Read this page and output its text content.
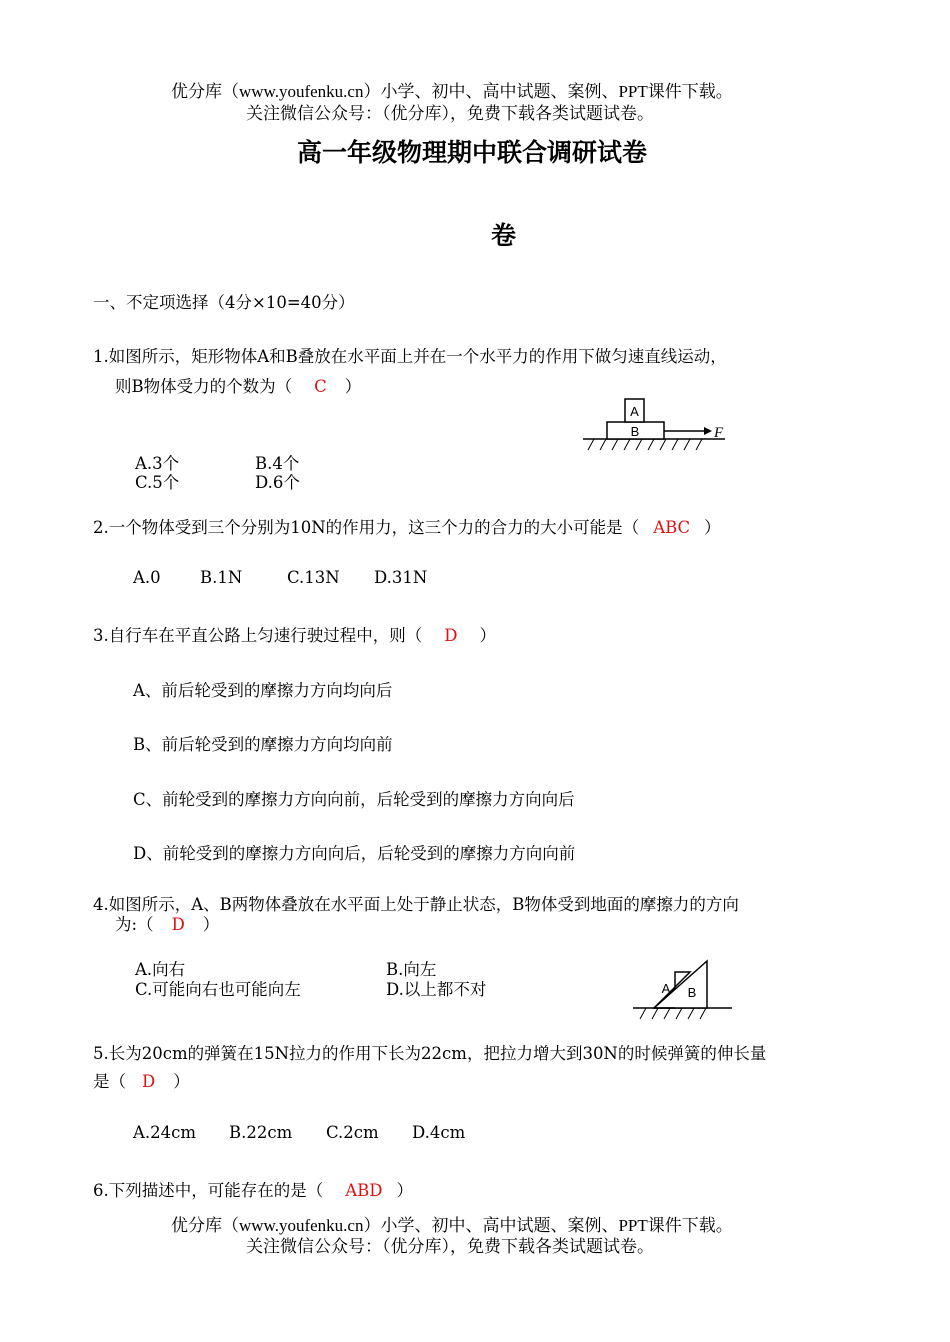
优分库（www.youfenku.cn）小学、初中、高中试题、案例、PPT课件下载。
关注微信公众号：（优分库），免费下载各类试题试卷。
高一年级物理期中联合调研试卷
卷
一、不定项选择（4分×10=40分）
1.如图所示，矩形物体A和B叠放在水平面上并在一个水平力的作用下做匀速直线运动，
则B物体受力的个数为（ C ）
A.3个	B.4个
C.5个	D.6个
A
B	F
2.一个物体受到三个分别为10N的作用力，这三个力的合力的大小可能是（ ABC ）
A.0 B.1N	C.13N D.31N
3.自行车在平直公路上匀速行驶过程中，则（ D ）
A、前后轮受到的摩擦力方向均向后
B、前后轮受到的摩擦力方向均向前
C、前轮受到的摩擦力方向向前，后轮受到的摩擦力方向向后
D、前轮受到的摩擦力方向向后，后轮受到的摩擦力方向向前
4.如图所示，A、B两物体叠放在水平面上处于静止状态，B物体受到地面的摩擦力的方向
为:（ D ）
A.向右	B.向左
C.可能向右也可能向左	D.以上都不对	A B
5.长为20cm的弹簧在15N拉力的作用下长为22cm，把拉力增大到30N的时候弹簧的伸长量
是（ D ）
A.24cm B.22cm C.2cm D.4cm
6.下列描述中，可能存在的是（ ABD ）
优分库（www.youfenku.cn）小学、初中、高中试题、案例、PPT课件下载。
关注微信公众号：（优分库），免费下载各类试题试卷。
